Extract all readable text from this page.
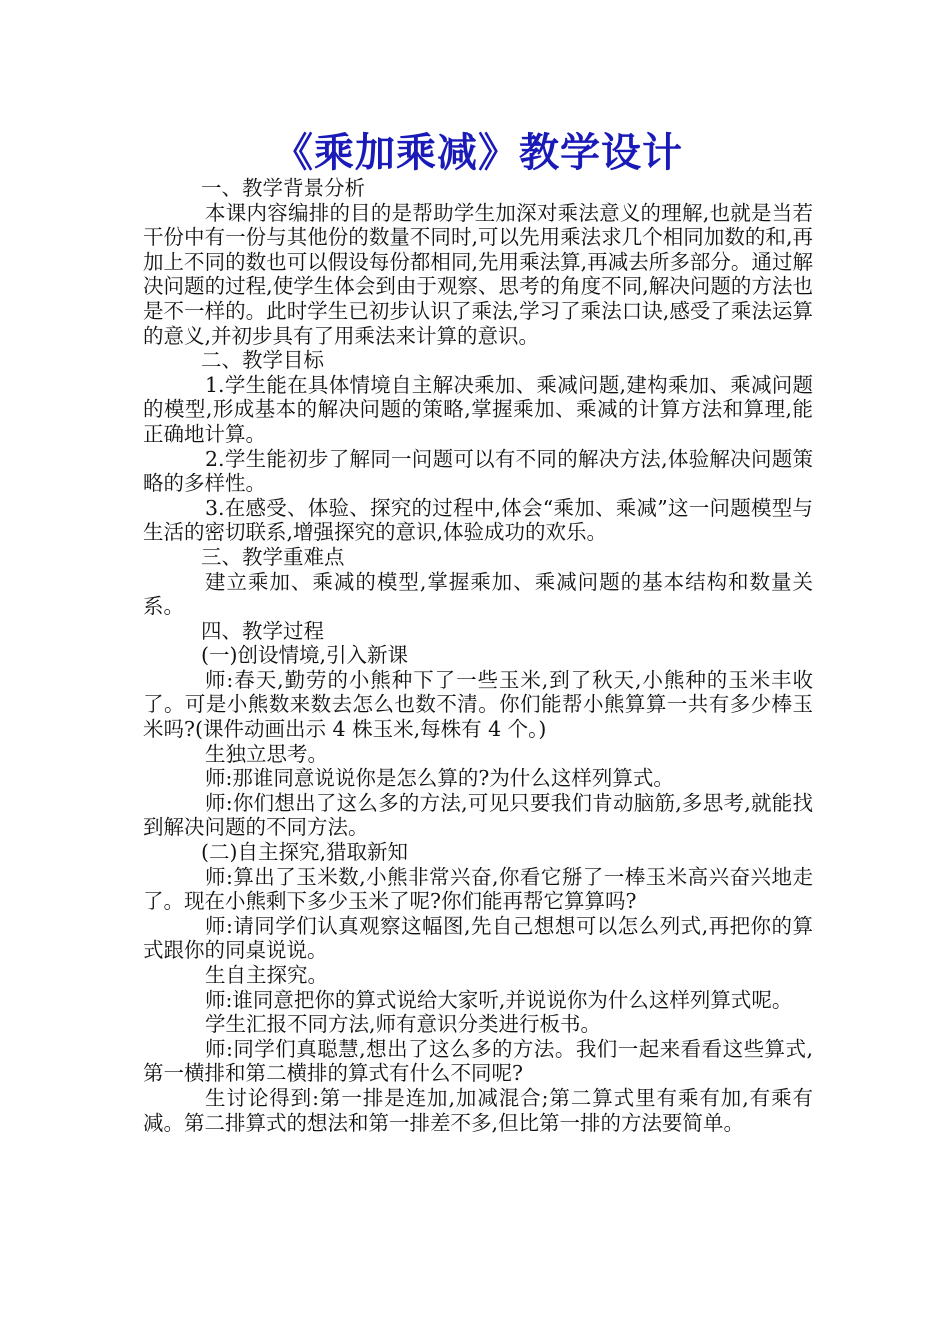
《乘加乘减》教学设计

一、教学背景分析

本课内容编排的目的是帮助学生加深对乘法意义的理解,也就是当若干份中有一份与其他份的数量不同时,可以先用乘法求几个相同加数的和,再加上不同的数也可以假设每份都相同,先用乘法算,再减去所多部分。通过解决问题的过程,使学生体会到由于观察、思考的角度不同,解决问题的方法也是不一样的。此时学生已初步认识了乘法,学习了乘法口诀,感受了乘法运算的意义,并初步具有了用乘法来计算的意识。

二、教学目标

1.学生能在具体情境自主解决乘加、乘减问题,建构乘加、乘减问题的模型,形成基本的解决问题的策略,掌握乘加、乘减的计算方法和算理,能正确地计算。

2.学生能初步了解同一问题可以有不同的解决方法,体验解决问题策略的多样性。

3.在感受、体验、探究的过程中,体会“乘加、乘减”这一问题模型与生活的密切联系,增强探究的意识,体验成功的欢乐。

三、教学重难点

建立乘加、乘减的模型,掌握乘加、乘减问题的基本结构和数量关系。

四、教学过程

(一)创设情境,引入新课

师:春天,勤劳的小熊种下了一些玉米,到了秋天,小熊种的玉米丰收了。可是小熊数来数去怎么也数不清。你们能帮小熊算算一共有多少棒玉米吗?(课件动画出示 4 株玉米,每株有 4 个。)

生独立思考。

师:那谁同意说说你是怎么算的?为什么这样列算式。

师:你们想出了这么多的方法,可见只要我们肯动脑筋,多思考,就能找到解决问题的不同方法。

(二)自主探究,猎取新知

师:算出了玉米数,小熊非常兴奋,你看它掰了一棒玉米高兴奋兴地走了。现在小熊剩下多少玉米了呢?你们能再帮它算算吗?

师:请同学们认真观察这幅图,先自己想想可以怎么列式,再把你的算式跟你的同桌说说。

生自主探究。

师:谁同意把你的算式说给大家听,并说说你为什么这样列算式呢。

学生汇报不同方法,师有意识分类进行板书。

师:同学们真聪慧,想出了这么多的方法。我们一起来看看这些算式,第一横排和第二横排的算式有什么不同呢?

生讨论得到:第一排是连加,加减混合;第二算式里有乘有加,有乘有减。第二排算式的想法和第一排差不多,但比第一排的方法要简单。
